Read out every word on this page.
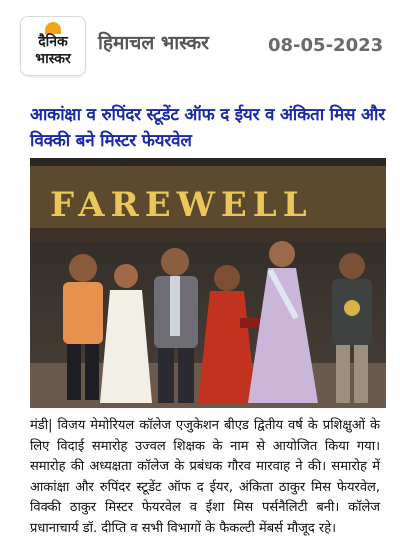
दैनिक
भास्कर
हिमाचल भास्कर	08-05-2023
आकांक्षा व रुपिंदर स्टूडेंट ऑफ द ईयर व अंकिता मिस और विक्की बने मिस्टर फेयरवेल
FAREWELL
मंडी| विजय मेमोरियल कॉलेज एजुकेशन बीएड द्वितीय वर्ष के प्रशिक्षुओं के लिए विदाई समारोह उज्वल शिक्षक के नाम से आयोजित किया गया। समारोह की अध्यक्षता कॉलेज के प्रबंधक गौरव मारवाह ने की। समारोह में आकांक्षा और रुपिंदर स्टूडेंट ऑफ द ईयर, अंकिता ठाकुर मिस फेयरवेल, विक्की ठाकुर मिस्टर फेयरवेल व ईशा मिस पर्सनैलिटी बनी। कॉलेज प्रधानाचार्य डॉ. दीप्ति व सभी विभागों के फैकल्टी मेंबर्स मौजूद रहे।
